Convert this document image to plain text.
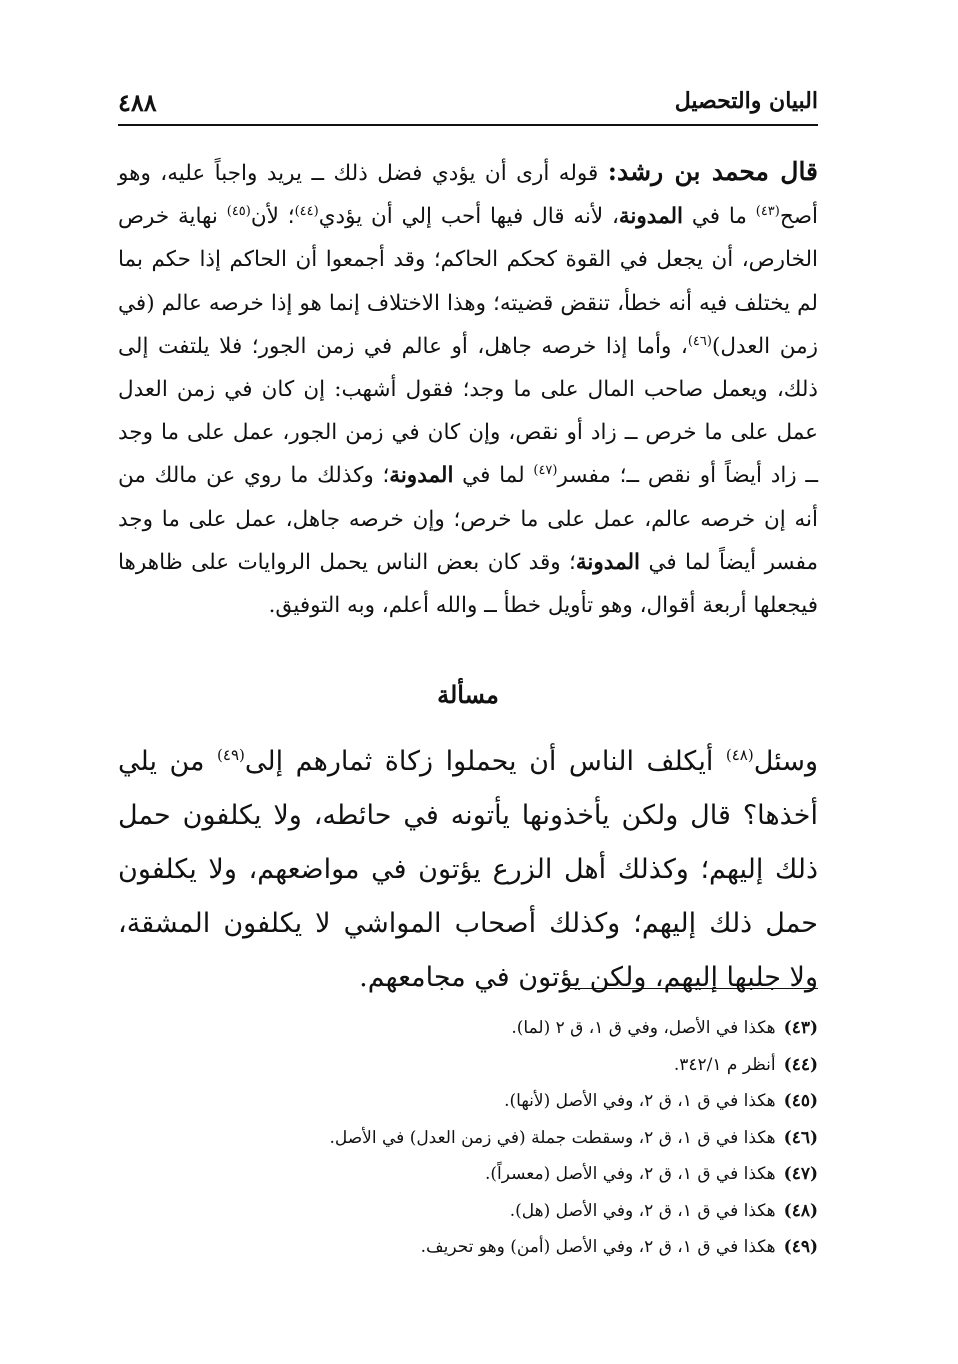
٤٨٨	البيان والتحصيل

قال محمد بن رشد: قوله أرى أن يؤدي فضل ذلك ــ يريد واجباً عليه، وهو أصح$^{(٤٣)}$ ما في المدونة، لأنه قال فيها أحب إلي أن يؤدي$^{(٤٤)}$؛ لأن$^{(٤٥)}$ نهاية خرص الخارص، أن يجعل في القوة كحكم الحاكم؛ وقد أجمعوا أن الحاكم إذا حكم بما لم يختلف فيه أنه خطأ، تنقض قضيته؛ وهذا الاختلاف إنما هو إذا خرصه عالم (في زمن العدل)$^{(٤٦)}$، وأما إذا خرصه جاهل، أو عالم في زمن الجور؛ فلا يلتفت إلى ذلك، ويعمل صاحب المال على ما وجد؛ فقول أشهب: إن كان في زمن العدل عمل على ما خرص ــ زاد أو نقص، وإن كان في زمن الجور، عمل على ما وجد ــ زاد أيضاً أو نقص ــ؛ مفسر$^{(٤٧)}$ لما في المدونة؛ وكذلك ما روي عن مالك من أنه إن خرصه عالم، عمل على ما خرص؛ وإن خرصه جاهل، عمل على ما وجد مفسر أيضاً لما في المدونة؛ وقد كان بعض الناس يحمل الروايات على ظاهرها فيجعلها أربعة أقوال، وهو تأويل خطأ ــ والله أعلم، وبه التوفيق.

مسألة

وسئل$^{(٤٨)}$ أيكلف الناس أن يحملوا زكاة ثمارهم إلى$^{(٤٩)}$ من يلي أخذها؟ قال ولكن يأخذونها يأتونه في حائطه، ولا يكلفون حمل ذلك إليهم؛ وكذلك أهل الزرع يؤتون في مواضعهم، ولا يكلفون حمل ذلك إليهم؛ وكذلك أصحاب المواشي لا يكلفون المشقة، ولا جلبها إليهم، ولكن يؤتون في مجامعهم.

(٤٣)هكذا في الأصل، وفي ق ١، ق ٢ (لما).
(٤٤)أنظر م ٣٤٢/١.
(٤٥)هكذا في ق ١، ق ٢، وفي الأصل (لأنها).
(٤٦)هكذا في ق ١، ق ٢، وسقطت جملة (في زمن العدل) في الأصل.
(٤٧)هكذا في ق ١، ق ٢، وفي الأصل (معسراً).
(٤٨)هكذا في ق ١، ق ٢، وفي الأصل (هل).
(٤٩)هكذا في ق ١، ق ٢، وفي الأصل (أمن) وهو تحريف.
